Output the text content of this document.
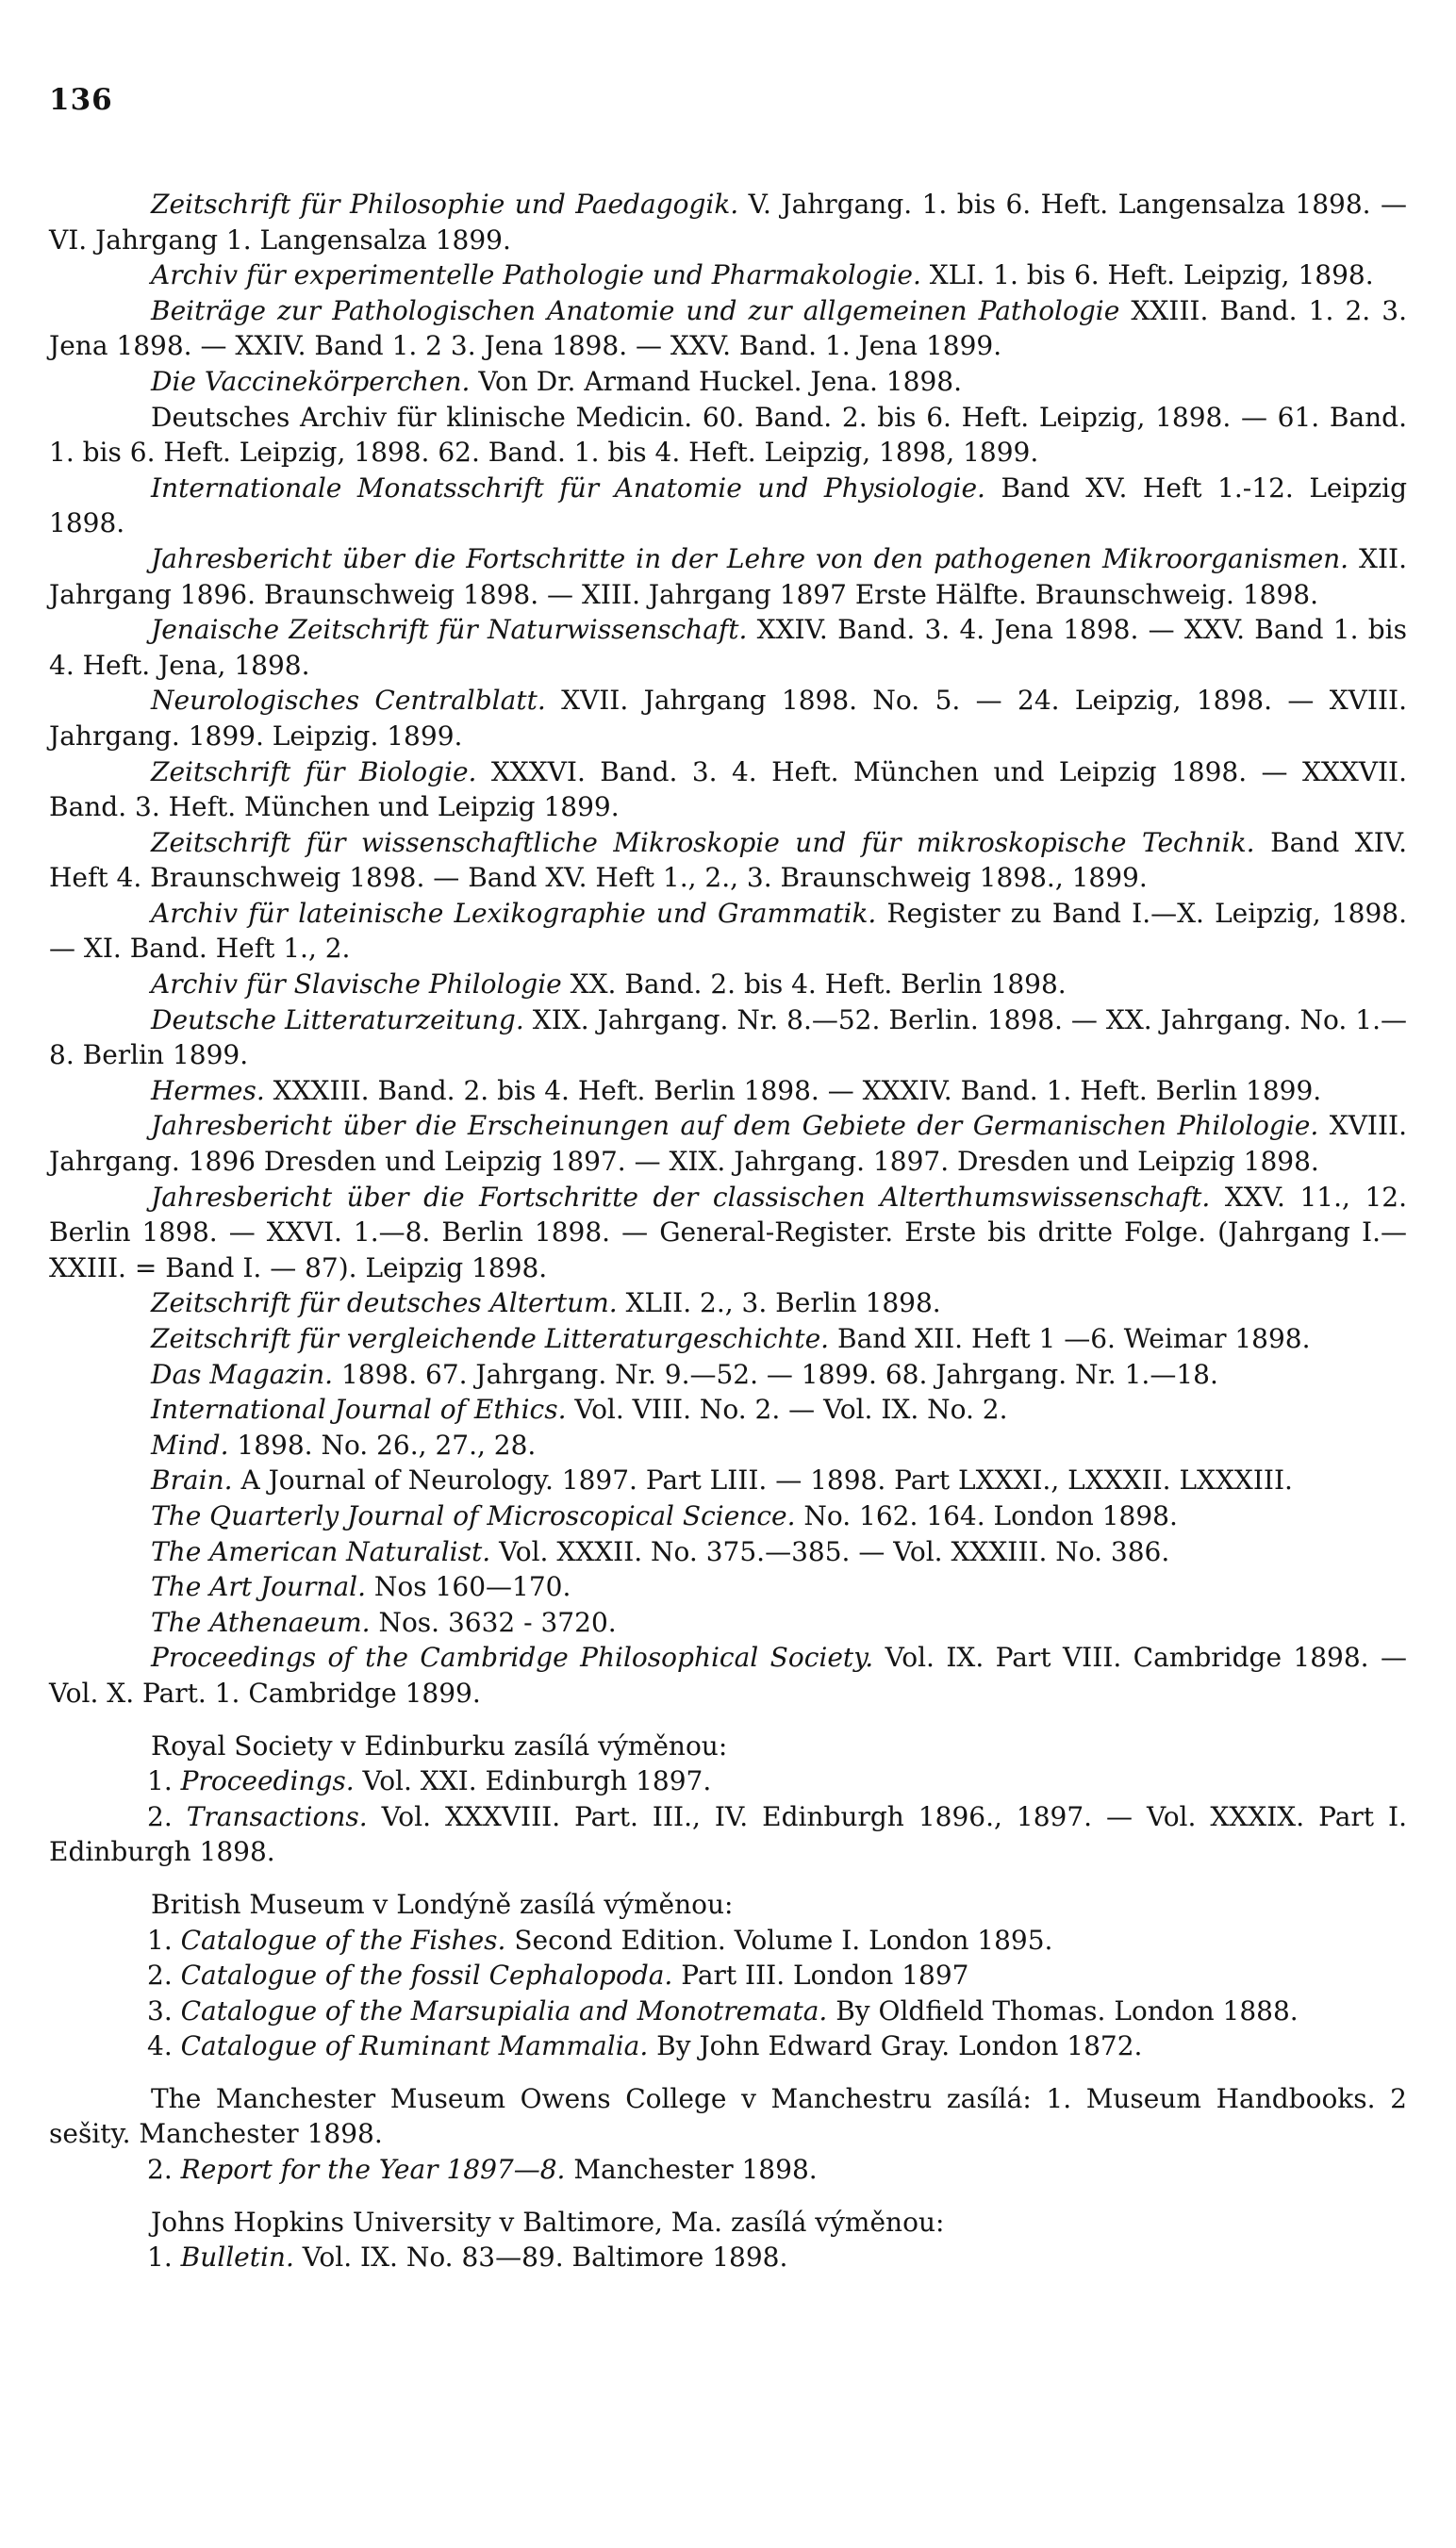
136

Zeitschrift für Philosophie und Paedagogik. V. Jahrgang. 1. bis 6. Heft. Langensalza 1898. — VI. Jahrgang 1. Langensalza 1899.

Archiv für experimentelle Pathologie und Pharmakologie. XLI. 1. bis 6. Heft. Leipzig, 1898.

Beiträge zur Pathologischen Anatomie und zur allgemeinen Pathologie XXIII. Band. 1. 2. 3. Jena 1898. — XXIV. Band 1. 2 3. Jena 1898. — XXV. Band. 1. Jena 1899.

Die Vaccinekörperchen. Von Dr. Armand Huckel. Jena. 1898.

Deutsches Archiv für klinische Medicin. 60. Band. 2. bis 6. Heft. Leipzig, 1898. — 61. Band. 1. bis 6. Heft. Leipzig, 1898. 62. Band. 1. bis 4. Heft. Leipzig, 1898, 1899.

Internationale Monatsschrift für Anatomie und Physiologie. Band XV. Heft 1.-12. Leipzig 1898.

Jahresbericht über die Fortschritte in der Lehre von den pathogenen Mikroorganismen. XII. Jahrgang 1896. Braunschweig 1898. — XIII. Jahrgang 1897 Erste Hälfte. Braunschweig. 1898.

Jenaische Zeitschrift für Naturwissenschaft. XXIV. Band. 3. 4. Jena 1898. — XXV. Band 1. bis 4. Heft. Jena, 1898.

Neurologisches Centralblatt. XVII. Jahrgang 1898. No. 5. — 24. Leipzig, 1898. — XVIII. Jahrgang. 1899. Leipzig. 1899.

Zeitschrift für Biologie. XXXVI. Band. 3. 4. Heft. München und Leipzig 1898. — XXXVII. Band. 3. Heft. München und Leipzig 1899.

Zeitschrift für wissenschaftliche Mikroskopie und für mikroskopische Technik. Band XIV. Heft 4. Braunschweig 1898. — Band XV. Heft 1., 2., 3. Braunschweig 1898., 1899.

Archiv für lateinische Lexikographie und Grammatik. Register zu Band I.—X. Leipzig, 1898. — XI. Band. Heft 1., 2.

Archiv für Slavische Philologie XX. Band. 2. bis 4. Heft. Berlin 1898.

Deutsche Litteraturzeitung. XIX. Jahrgang. Nr. 8.—52. Berlin. 1898. — XX. Jahrgang. No. 1.—8. Berlin 1899.

Hermes. XXXIII. Band. 2. bis 4. Heft. Berlin 1898. — XXXIV. Band. 1. Heft. Berlin 1899.

Jahresbericht über die Erscheinungen auf dem Gebiete der Germanischen Philologie. XVIII. Jahrgang. 1896 Dresden und Leipzig 1897. — XIX. Jahrgang. 1897. Dresden und Leipzig 1898.

Jahresbericht über die Fortschritte der classischen Alterthumswissenschaft. XXV. 11., 12. Berlin 1898. — XXVI. 1.—8. Berlin 1898. — General-Register. Erste bis dritte Folge. (Jahrgang I.—XXIII. = Band I. — 87). Leipzig 1898.

Zeitschrift für deutsches Altertum. XLII. 2., 3. Berlin 1898.

Zeitschrift für vergleichende Litteraturgeschichte. Band XII. Heft 1 —6. Weimar 1898.

Das Magazin. 1898. 67. Jahrgang. Nr. 9.—52. — 1899. 68. Jahrgang. Nr. 1.—18.

International Journal of Ethics. Vol. VIII. No. 2. — Vol. IX. No. 2.

Mind. 1898. No. 26., 27., 28.

Brain. A Journal of Neurology. 1897. Part LIII. — 1898. Part LXXXI., LXXXII. LXXXIII.

The Quarterly Journal of Microscopical Science. No. 162. 164. London 1898.

The American Naturalist. Vol. XXXII. No. 375.—385. — Vol. XXXIII. No. 386.

The Art Journal. Nos 160—170.

The Athenaeum. Nos. 3632 - 3720.

Proceedings of the Cambridge Philosophical Society. Vol. IX. Part VIII. Cambridge 1898. — Vol. X. Part. 1. Cambridge 1899.

Royal Society v Edinburku zasílá výměnou:

1. Proceedings. Vol. XXI. Edinburgh 1897.

2. Transactions. Vol. XXXVIII. Part. III., IV. Edinburgh 1896., 1897. — Vol. XXXIX. Part I. Edinburgh 1898.

British Museum v Londýně zasílá výměnou:

1. Catalogue of the Fishes. Second Edition. Volume I. London 1895.

2. Catalogue of the fossil Cephalopoda. Part III. London 1897

3. Catalogue of the Marsupialia and Monotremata. By Oldfield Thomas. London 1888.

4. Catalogue of Ruminant Mammalia. By John Edward Gray. London 1872.

The Manchester Museum Owens College v Manchestru zasílá: 1. Museum Handbooks. 2 sešity. Manchester 1898.

2. Report for the Year 1897—8. Manchester 1898.

Johns Hopkins University v Baltimore, Ma. zasílá výměnou:

1. Bulletin. Vol. IX. No. 83—89. Baltimore 1898.
